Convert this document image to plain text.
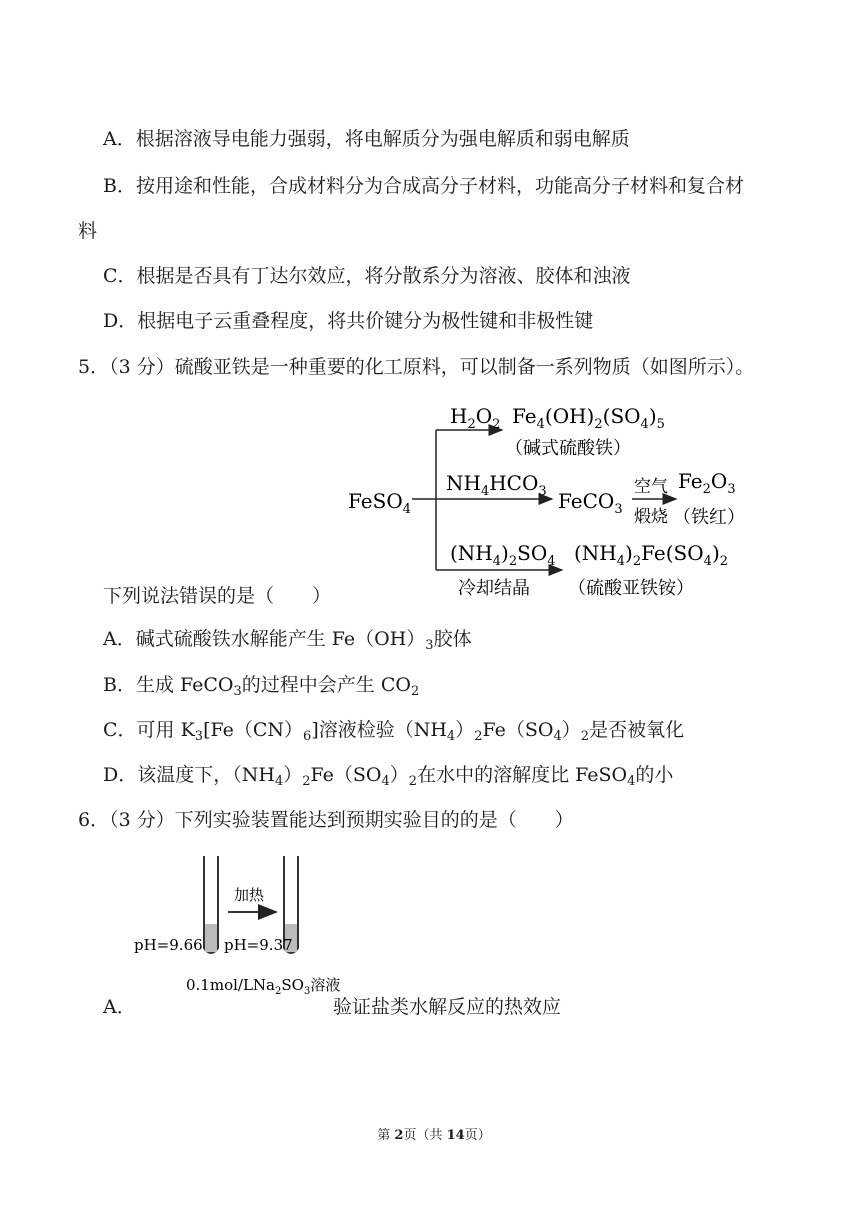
A．根据溶液导电能力强弱，将电解质分为强电解质和弱电解质
B．按用途和性能，合成材料分为合成高分子材料，功能高分子材料和复合材
料
C．根据是否具有丁达尔效应，将分散系分为溶液、胶体和浊液
D．根据电子云重叠程度，将共价键分为极性键和非极性键
5．（3 分）硫酸亚铁是一种重要的化工原料，可以制备一系列物质（如图所示）。
FeSO$_4$
$H_2O_2$ $Fe_4(OH)_2(SO_4)_5$
（碱式硫酸铁）
$NH_4HCO_3$ FeCO$_3$
空气
煅烧
$Fe_2O_3$
（铁红）
$(NH_4)_2SO_4$
冷却结晶
$(NH_4)_2Fe(SO_4)_2$
（硫酸亚铁铵）
下列说法错误的是（　　）
A．碱式硫酸铁水解能产生 $Fe(OH)_3$胶体
B．生成 FeCO$_3$的过程中会产生 $CO_2$
C．可用 $K_3[Fe(CN)_6]$溶液检验$(NH_4)_2Fe(SO_4)_2$是否被氧化
D．该温度下，$(NH_4)_2Fe(SO_4)_2$在水中的溶解度比 FeSO$_4$的小
6．（3 分）下列实验装置能达到预期实验目的的是（　　）
加热
pH=9.66 pH=9.37
$0.1mol/LNa_2SO_3$溶液
A．	验证盐类水解反应的热效应
第 2页（共 14页）
